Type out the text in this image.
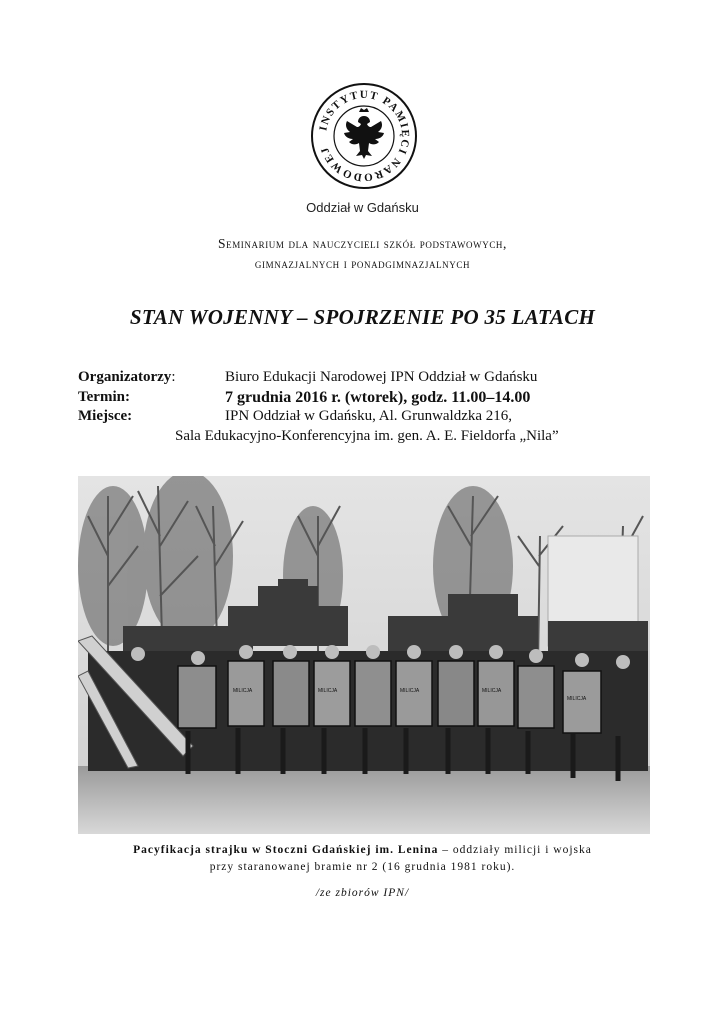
INSTYTUT PAMIĘCI NARODOWEJ
Oddział w Gdańsku
Seminarium dla nauczycieli szkół podstawowych,
gimnazjalnych i ponadgimnazjalnych
STAN WOJENNY – SPOJRZENIE PO 35 LATACH
Organizatorzy:	Biuro Edukacji Narodowej IPN Oddział w Gdańsku
Termin:	7 grudnia 2016 r. (wtorek), godz. 11.00–14.00
Miejsce:	IPN Oddział w Gdańsku, Al. Grunwaldzka 216,
Sala Edukacyjno-Konferencyjna im. gen. A. E. Fieldorfa „Nila”
MILICJA	MILICJA	MILICJA	MILICJA
MILICJA
Pacyfikacja strajku w Stoczni Gdańskiej im. Lenina – oddziały milicji i wojska
przy staranowanej bramie nr 2 (16 grudnia 1981 roku).
/ze zbiorów IPN/
